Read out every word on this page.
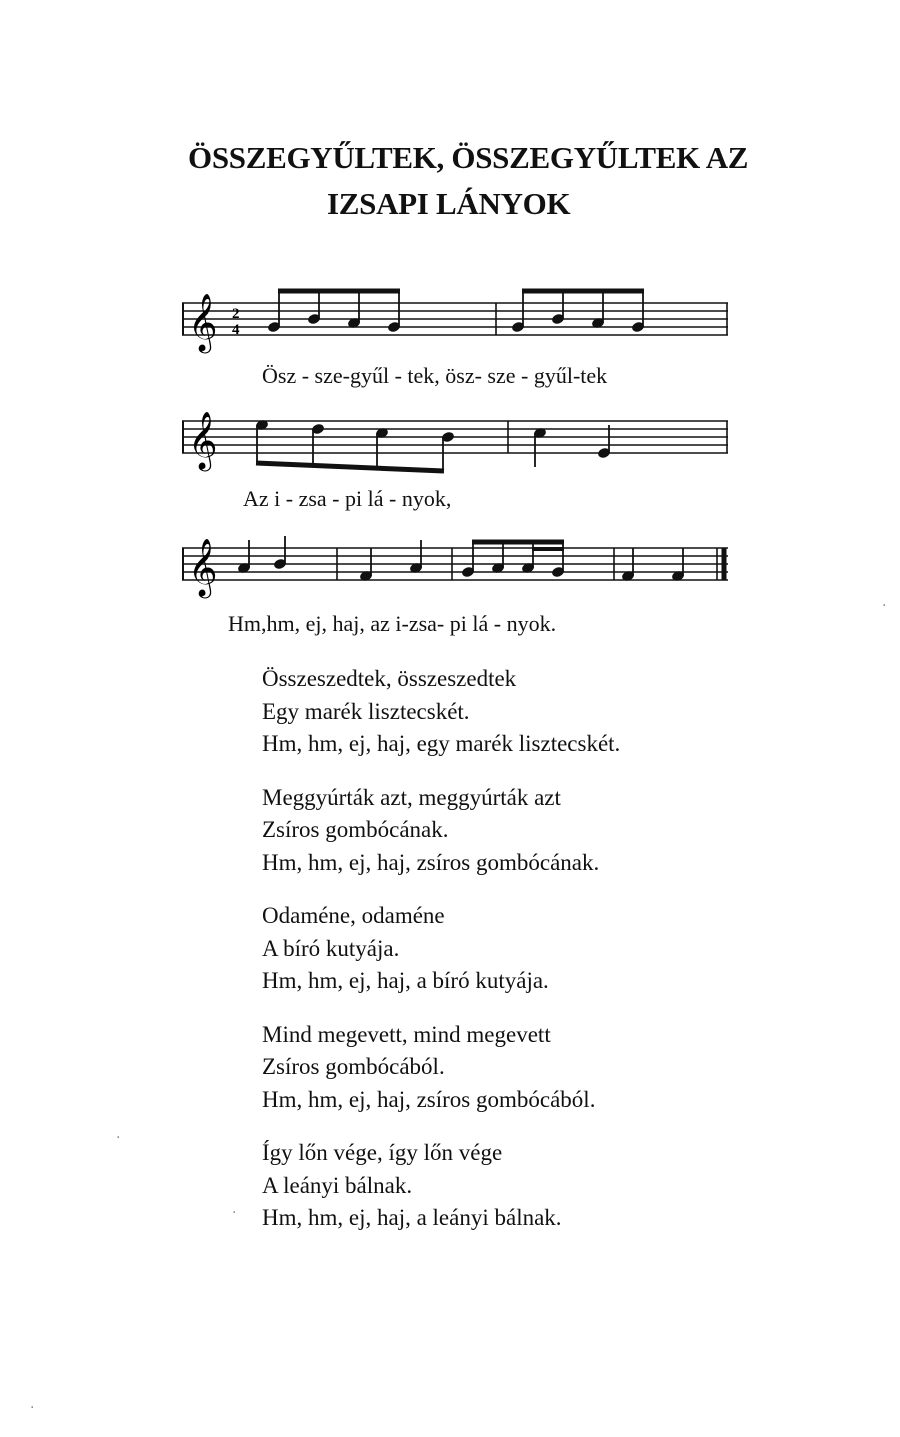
ÖSSZEGYŰLTEK, ÖSSZEGYŰLTEK AZ
IZSAPI LÁNYOK
𝄞 2
4

Ösz - sze-gyűl - tek, ösz- sze - gyűl-tek

𝄞

Az i - zsa - pi lá - nyok,

𝄞

Hm,hm, ej, haj, az i-zsa- pi lá - nyok.

Összeszedtek, összeszedtek
Egy marék lisztecskét.
Hm, hm, ej, haj, egy marék lisztecskét.
Meggyúrták azt, meggyúrták azt
Zsíros gombócának.
Hm, hm, ej, haj, zsíros gombócának.
Odaméne, odaméne
A bíró kutyája.
Hm, hm, ej, haj, a bíró kutyája.
Mind megevett, mind megevett
Zsíros gombócából.
Hm, hm, ej, haj, zsíros gombócából.
Így lőn vége, így lőn vége
A leányi bálnak.
Hm, hm, ej, haj, a leányi bálnak.
·
·
·
·
